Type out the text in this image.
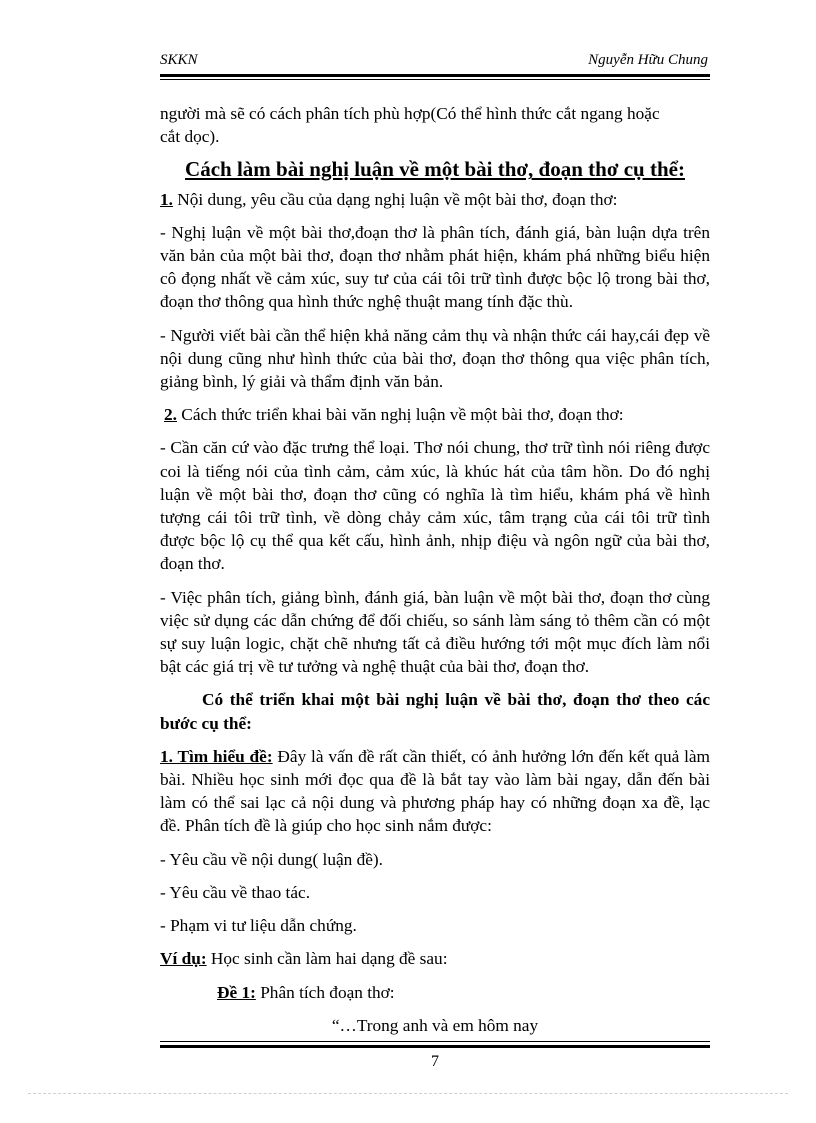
SKKN	Nguyễn Hữu Chung

người mà sẽ có cách phân tích phù hợp(Có thể hình thức cắt ngang hoặc

cắt dọc).

Cách làm bài nghị luận về một bài thơ, đoạn thơ cụ thể:

1. Nội dung, yêu cầu của dạng nghị luận về một bài thơ, đoạn thơ:

- Nghị luận về một bài thơ,đoạn thơ là phân tích, đánh giá, bàn luận dựa trên văn bản của một bài thơ, đoạn thơ nhằm phát hiện, khám phá những biểu hiện cô đọng nhất về cảm xúc, suy tư của cái tôi trữ tình được bộc lộ trong bài thơ, đoạn thơ thông qua hình thức nghệ thuật mang tính đặc thù.

- Người viết bài cần thể hiện khả năng cảm thụ và nhận thức cái hay,cái đẹp về nội dung cũng như hình thức của bài thơ, đoạn thơ thông qua việc phân tích, giảng bình, lý giải và thẩm định văn bản.

2. Cách thức triển khai bài văn nghị luận về một bài thơ, đoạn thơ:

- Cần căn cứ vào đặc trưng thể loại. Thơ nói chung, thơ trữ tình nói riêng được coi là tiếng nói của tình cảm, cảm xúc, là khúc hát của tâm hồn. Do đó nghị luận về một bài thơ, đoạn thơ cũng có nghĩa là tìm hiểu, khám phá về hình tượng cái tôi trữ tình, về dòng chảy cảm xúc, tâm trạng của cái tôi trữ tình được bộc lộ cụ thể qua kết cấu, hình ảnh, nhịp điệu và ngôn ngữ của bài thơ, đoạn thơ.

- Việc phân tích, giảng bình, đánh giá, bàn luận về một bài thơ, đoạn thơ cùng việc sử dụng các dẫn chứng để đối chiếu, so sánh làm sáng tỏ thêm cần có một sự suy luận logic, chặt chẽ nhưng tất cả điều hướng tới một mục đích làm nổi bật các giá trị về tư tưởng và nghệ thuật của bài thơ, đoạn thơ.

Có thể triển khai một bài nghị luận về bài thơ, đoạn thơ theo các bước cụ thể:

1. Tìm hiểu đề: Đây là vấn đề rất cần thiết, có ảnh hưởng lớn đến kết quả làm bài. Nhiều học sinh mới đọc qua đề là bắt tay vào làm bài ngay, dẫn đến bài làm có thể sai lạc cả nội dung và phương pháp hay có những đoạn xa đề, lạc đề. Phân tích đề là giúp cho học sinh nắm được:

- Yêu cầu về nội dung( luận đề).

- Yêu cầu về thao tác.

- Phạm vi tư liệu dẫn chứng.

Ví dụ: Học sinh cần làm hai dạng đề sau:

Đề 1: Phân tích đoạn thơ:

“…Trong anh và em hôm nay

7
